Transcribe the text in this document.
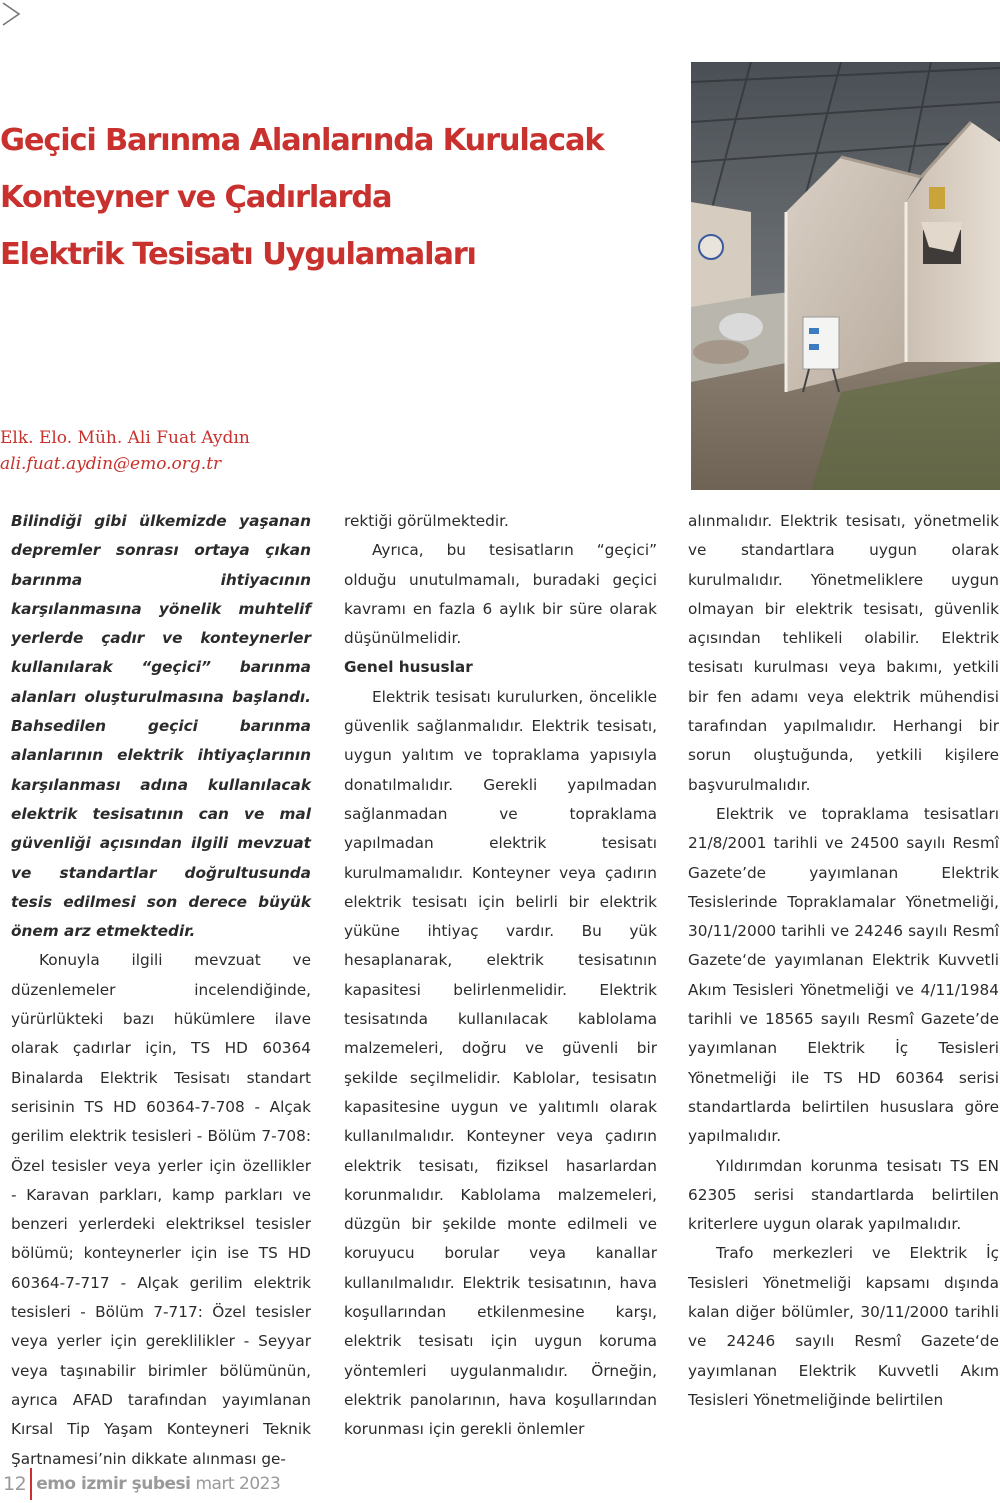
Geçici Barınma Alanlarında Kurulacak
Konteyner ve Çadırlarda
Elektrik Tesisatı Uygulamaları
Elk. Elo. Müh. Ali Fuat Aydın
ali.fuat.aydin@emo.org.tr

Bilindiği gibi ülkemizde yaşanan depremler sonrası ortaya çıkan barınma ihtiyacının karşılanmasına yönelik muhtelif yerlerde çadır ve konteynerler kullanılarak “geçici” barınma alanları oluşturulmasına başlandı. Bahsedilen geçici barınma alanlarının elektrik ihtiyaçlarının karşılanması adına kullanılacak elektrik tesisatının can ve mal güvenliği açısından ilgili mevzuat ve standartlar doğrultusunda tesis edilmesi son derece büyük önem arz etmektedir.

Konuyla ilgili mevzuat ve düzenlemeler incelendiğinde, yürürlükteki bazı hükümlere ilave olarak çadırlar için, TS HD 60364 Binalarda Elektrik Tesisatı standart serisinin TS HD 60364-7-708 - Alçak gerilim elektrik tesisleri - Bölüm 7-708: Özel tesisler veya yerler için özellikler - Karavan parkları, kamp parkları ve benzeri yerlerdeki elektriksel tesisler bölümü; konteynerler için ise TS HD 60364-7-717 - Alçak gerilim elektrik tesisleri - Bölüm 7-717: Özel tesisler veya yerler için gereklilikler - Seyyar veya taşınabilir birimler bölümünün, ayrıca AFAD tarafından yayımlanan Kırsal Tip Yaşam Konteyneri Teknik Şartnamesi’nin dikkate alınması ge-

rektiği görülmektedir.

Ayrıca, bu tesisatların “geçici” olduğu unutulmamalı, buradaki geçici kavramı en fazla 6 aylık bir süre olarak düşünülmelidir.

Genel hususlar

Elektrik tesisatı kurulurken, öncelikle güvenlik sağlanmalıdır. Elektrik tesisatı, uygun yalıtım ve topraklama yapısıyla donatılmalıdır. Gerekli yapılmadan sağlanmadan ve topraklama yapılmadan elektrik tesisatı kurulmamalıdır. Konteyner veya çadırın elektrik tesisatı için belirli bir elektrik yüküne ihtiyaç vardır. Bu yük hesaplanarak, elektrik tesisatının kapasitesi belirlenmelidir. Elektrik tesisatında kullanılacak kablolama malzemeleri, doğru ve güvenli bir şekilde seçilmelidir. Kablolar, tesisatın kapasitesine uygun ve yalıtımlı olarak kullanılmalıdır. Konteyner veya çadırın elektrik tesisatı, fiziksel hasarlardan korunmalıdır. Kablolama malzemeleri, düzgün bir şekilde monte edilmeli ve koruyucu borular veya kanallar kullanılmalıdır. Elektrik tesisatının, hava koşullarından etkilenmesine karşı, elektrik tesisatı için uygun koruma yöntemleri uygulanmalıdır. Örneğin, elektrik panolarının, hava koşullarından korunması için gerekli önlemler

alınmalıdır. Elektrik tesisatı, yönetmelik ve standartlara uygun olarak kurulmalıdır. Yönetmeliklere uygun olmayan bir elektrik tesisatı, güvenlik açısından tehlikeli olabilir. Elektrik tesisatı kurulması veya bakımı, yetkili bir fen adamı veya elektrik mühendisi tarafından yapılmalıdır. Herhangi bir sorun oluştuğunda, yetkili kişilere başvurulmalıdır.

Elektrik ve topraklama tesisatları 21/8/2001 tarihli ve 24500 sayılı Resmî Gazete’de yayımlanan Elektrik Tesislerinde Topraklamalar Yönetmeliği, 30/11/2000 tarihli ve 24246 sayılı Resmî Gazete‘de yayımlanan Elektrik Kuvvetli Akım Tesisleri Yönetmeliği ve 4/11/1984 tarihli ve 18565 sayılı Resmî Gazete’de yayımlanan Elektrik İç Tesisleri Yönetmeliği ile TS HD 60364 serisi standartlarda belirtilen hususlara göre yapılmalıdır.

Yıldırımdan korunma tesisatı TS EN 62305 serisi standartlarda belirtilen kriterlere uygun olarak yapılmalıdır.

Trafo merkezleri ve Elektrik İç Tesisleri Yönetmeliği kapsamı dışında kalan diğer bölümler, 30/11/2000 tarihli ve 24246 sayılı Resmî Gazete‘de yayımlanan Elektrik Kuvvetli Akım Tesisleri Yönetmeliğinde belirtilen

12 emo izmir şubesi mart 2023
